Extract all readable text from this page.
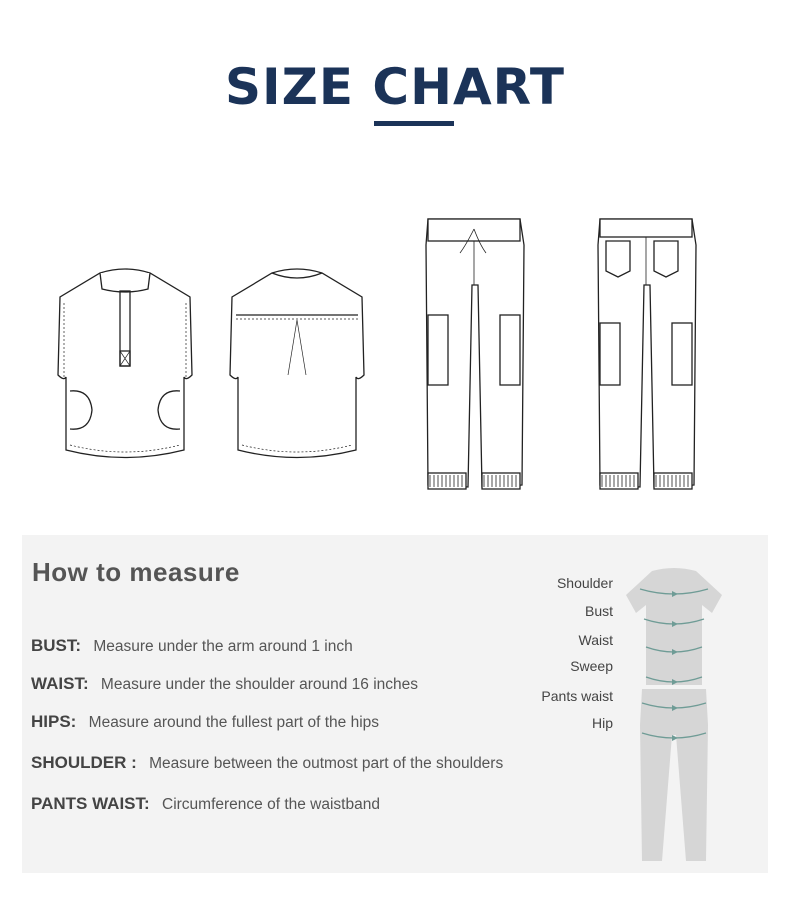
SIZE CHART
How to measure
BUST: Measure under the arm around 1 inch
WAIST: Measure under the shoulder around 16 inches
HIPS: Measure around the fullest part of the hips
SHOULDER : Measure between the outmost part of the shoulders
PANTS WAIST: Circumference of the waistband
Shoulder
Bust
Waist
Sweep
Pants waist
Hip
